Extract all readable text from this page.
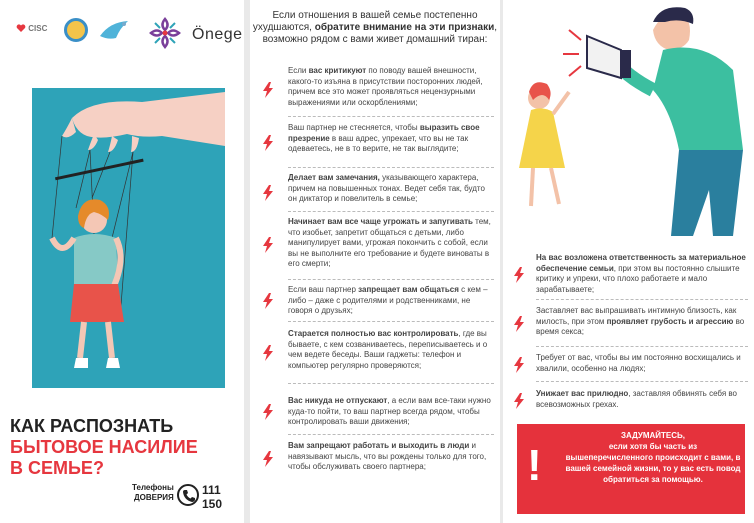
CISC	Önege
КАК РАСПОЗНАТЬ
БЫТОВОЕ НАСИЛИЕ
В СЕМЬЕ?
Телефоны
ДОВЕРИЯ
111
150
Если отношения в вашей семье постепенно ухудшаются, обратите внимание на эти признаки, возможно рядом с вами живет домашний тиран:

Если вас критикуют по поводу вашей внешности, какого-то изъяна в присутствии посторонних людей, причем все это может проявляться нецензурными выражениями или оскорблениями;

Ваш партнер не стесняется, чтобы выразить свое презрение в ваш адрес, упрекает, что вы не так одеваетесь, не в то верите, не так выглядите;

Делает вам замечания, указывающего характера, причем на повышенных тонах. Ведет себя так, будто он диктатор и повелитель в семье;

Начинает вам все чаще угрожать и запугивать тем, что изобьет, запретит общаться с детьми, либо манипулирует вами, угрожая покончить с собой, если вы не выполните его требование и будете виноваты в его смерти;

Если ваш партнер запрещает вам общаться с кем –либо – даже с родителями и родственниками, не говоря о друзьях;

Старается полностью вас контролировать, где вы бываете, с кем созваниваетесь, переписываетесь и о чем ведете беседы. Ваши гаджеты: телефон и компьютер регулярно проверяются;

Вас никуда не отпускают, а если вам все-таки нужно куда-то пойти, то ваш партнер всегда рядом, чтобы контролировать ваши движения;

Вам запрещают работать и выходить в люди и навязывают мысль, что вы рождены только для того, чтобы обслуживать своего партнера;

На вас возложена ответственность за материальное обеспечение семьи, при этом вы постоянно слышите критику и упреки, что плохо работаете и мало зарабатываете;

Заставляет вас выпрашивать интимную близость, как милость, при этом проявляет грубость и агрессию во время секса;

Требует от вас, чтобы вы им постоянно восхищались и хвалили, особенно на людях;

Унижает вас прилюдно, заставляя обвинять себя во всевозможных грехах.

!
ЗАДУМАЙТЕСЬ,
если хотя бы часть из вышеперечисленного происходит с вами, в вашей семейной жизни, то у вас есть повод обратиться за помощью.
